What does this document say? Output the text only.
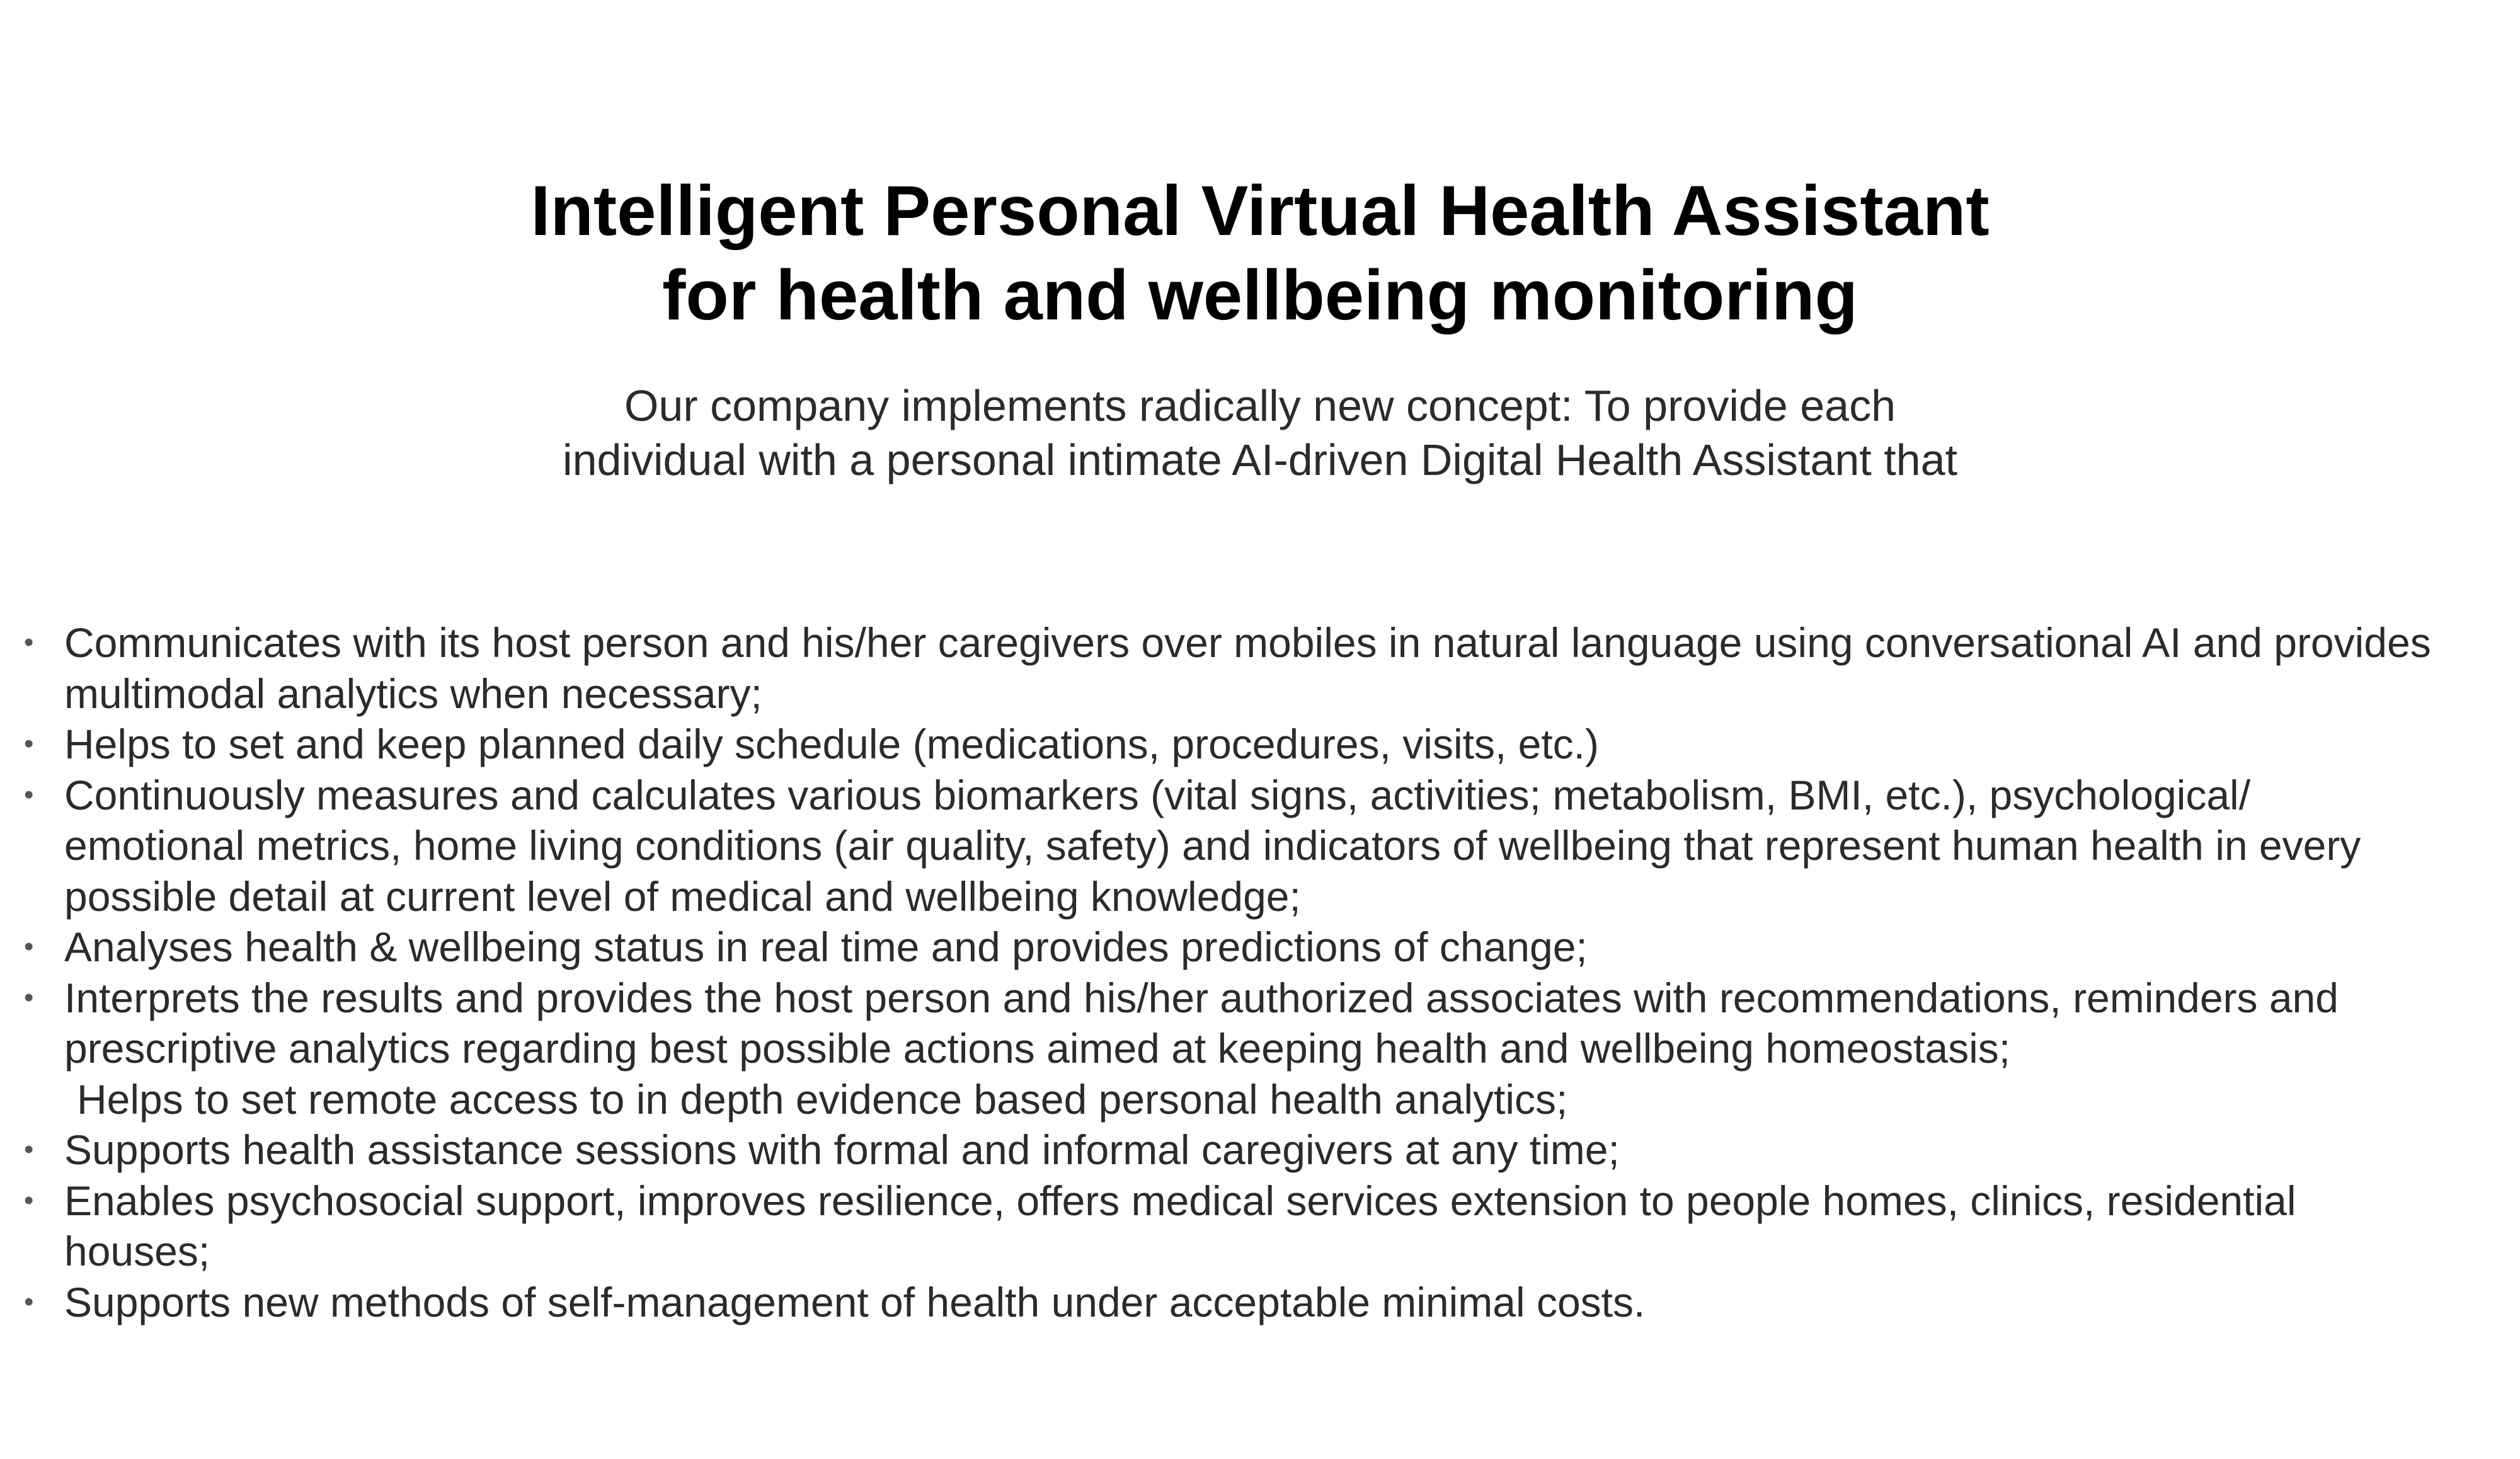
Intelligent Personal Virtual Health Assistant
for health and wellbeing monitoring
Our company implements radically new concept: To provide each
individual with a personal intimate AI-driven Digital Health Assistant that
• Communicates with its host person and his/her caregivers over mobiles in natural language using conversational AI and provides
multimodal analytics when necessary;
• Helps to set and keep planned daily schedule (medications, procedures, visits, etc.)
• Continuously measures and calculates various biomarkers (vital signs, activities; metabolism, BMI, etc.), psychological/
emotional metrics, home living conditions (air quality, safety) and indicators of wellbeing that represent human health in every
possible detail at current level of medical and wellbeing knowledge;
• Analyses health & wellbeing status in real time and provides predictions of change;
• Interprets the results and provides the host person and his/her authorized associates with recommendations, reminders and
prescriptive analytics regarding best possible actions aimed at keeping health and wellbeing homeostasis;
Helps to set remote access to in depth evidence based personal health analytics;
• Supports health assistance sessions with formal and informal caregivers at any time;
• Enables psychosocial support, improves resilience, offers medical services extension to people homes, clinics, residential
houses;
• Supports new methods of self-management of health under acceptable minimal costs.
